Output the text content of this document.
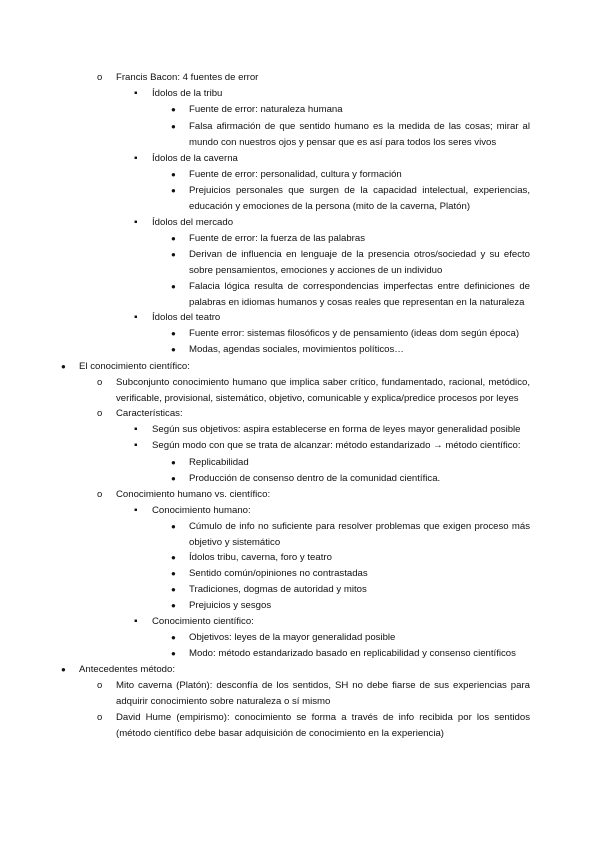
o
Francis Bacon: 4 fuentes de error
▪
Ídolos de la tribu
●
Fuente de error: naturaleza humana
●
Falsa afirmación de que sentido humano es la medida de las cosas; mirar al mundo con nuestros ojos y pensar que es así para todos los seres vivos
▪
Ídolos de la caverna
●
Fuente de error: personalidad, cultura y formación
●
Prejuicios personales que surgen de la capacidad intelectual, experiencias, educación y emociones de la persona (mito de la caverna, Platón)
▪
Ídolos del mercado
●
Fuente de error: la fuerza de las palabras
●
Derivan de influencia en lenguaje de la presencia otros/sociedad y su efecto sobre pensamientos, emociones y acciones de un individuo
●
Falacia lógica resulta de correspondencias imperfectas entre definiciones de palabras en idiomas humanos y cosas reales que representan en la naturaleza
▪
Ídolos del teatro
●
Fuente error: sistemas filosóficos y de pensamiento (ideas dom según época)
●
Modas, agendas sociales, movimientos políticos…
●
El conocimiento científico:
o
Subconjunto conocimiento humano que implica saber crítico, fundamentado, racional, metódico, verificable, provisional, sistemático, objetivo, comunicable y explica/predice procesos por leyes
o
Características:
▪
Según sus objetivos: aspira establecerse en forma de leyes mayor generalidad posible
▪
Según modo con que se trata de alcanzar: método estandarizado → método científico:
●
Replicabilidad
●
Producción de consenso dentro de la comunidad científica.
o
Conocimiento humano vs. científico:
▪
Conocimiento humano:
●
Cúmulo de info no suficiente para resolver problemas que exigen proceso más objetivo y sistemático
●
Ídolos tribu, caverna, foro y teatro
●
Sentido común/opiniones no contrastadas
●
Tradiciones, dogmas de autoridad y mitos
●
Prejuicios y sesgos
▪
Conocimiento científico:
●
Objetivos: leyes de la mayor generalidad posible
●
Modo: método estandarizado basado en replicabilidad y consenso científicos
●
Antecedentes método:
o
Mito caverna (Platón): desconfía de los sentidos, SH no debe fiarse de sus experiencias para adquirir conocimiento sobre naturaleza o sí mismo
o
David Hume (empirismo): conocimiento se forma a través de info recibida por los sentidos (método científico debe basar adquisición de conocimiento en la experiencia)
